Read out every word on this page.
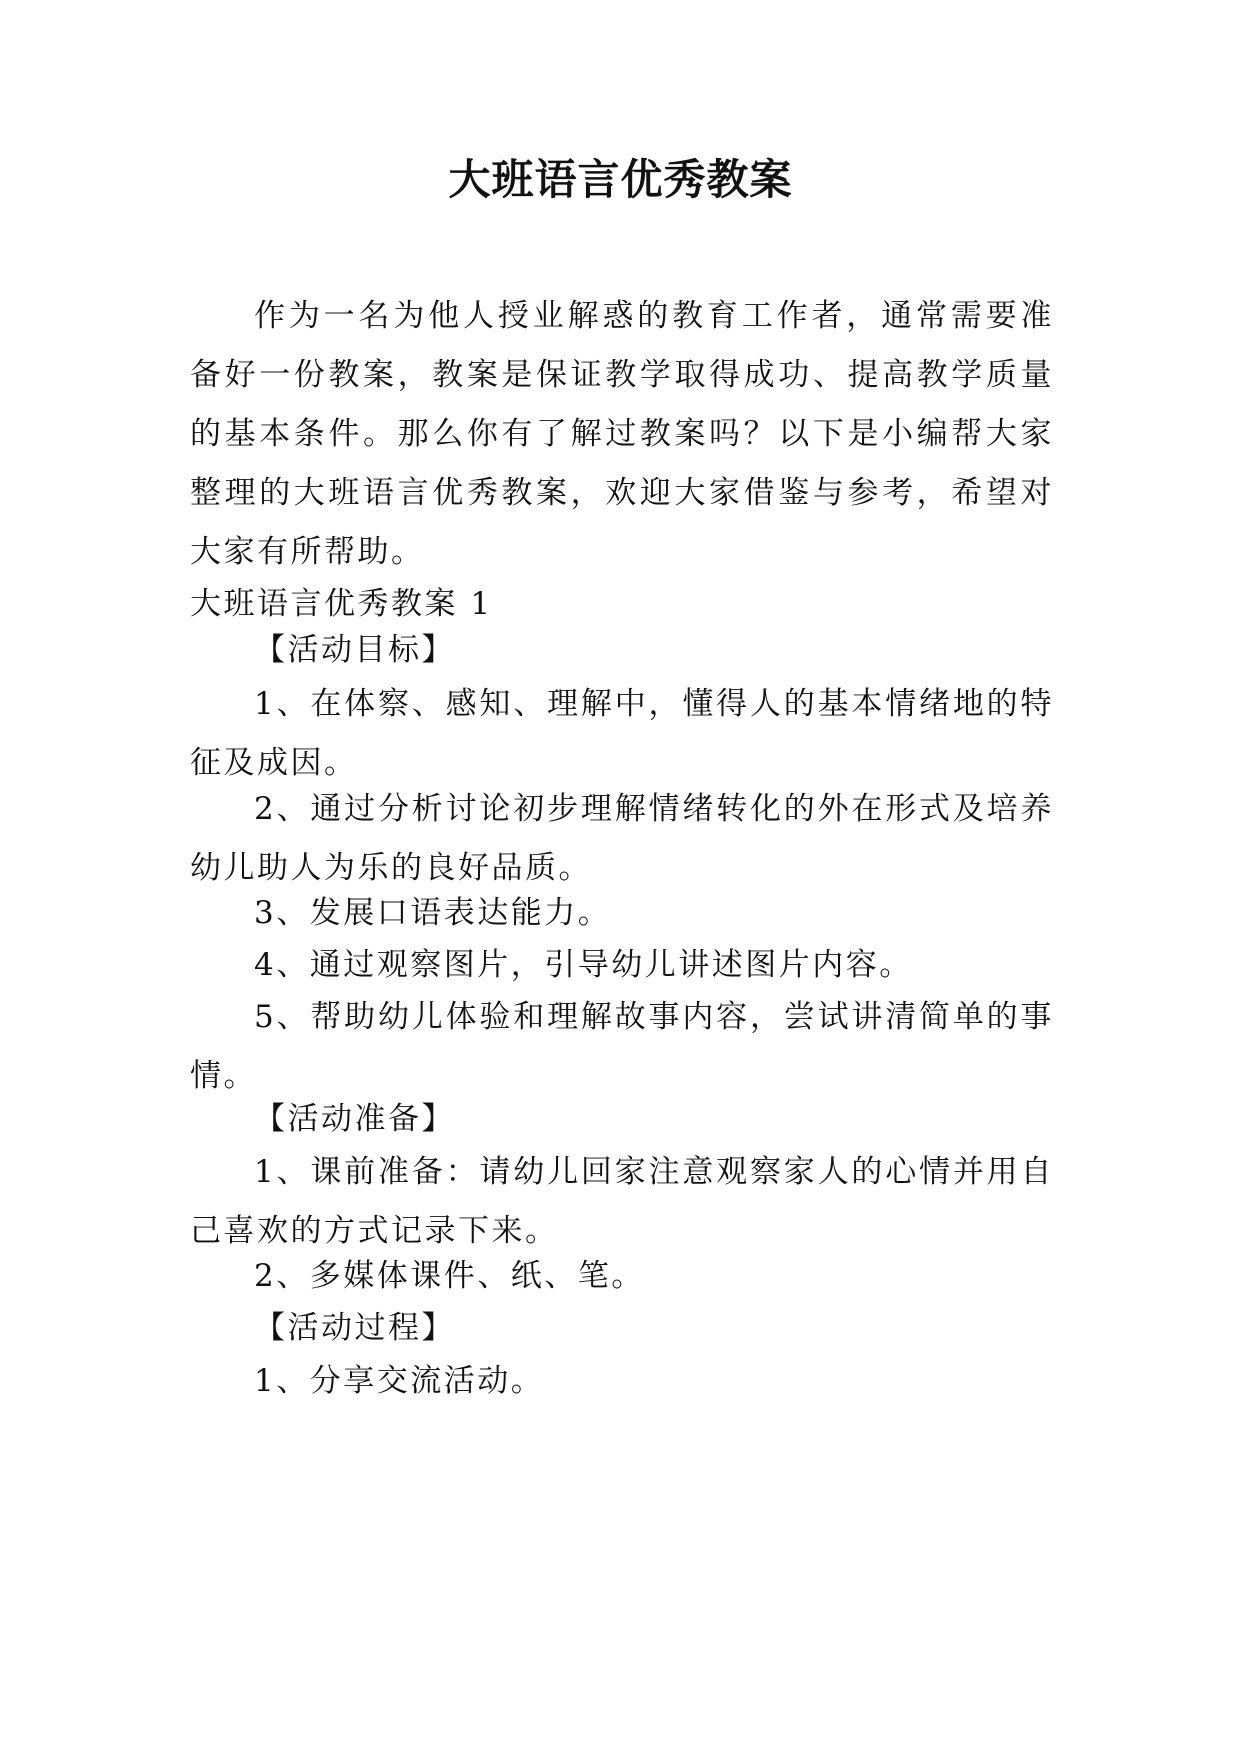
大班语言优秀教案
作为一名为他人授业解惑的教育工作者，通常需要准备好一份教案，教案是保证教学取得成功、提高教学质量的基本条件。那么你有了解过教案吗？以下是小编帮大家整理的大班语言优秀教案，欢迎大家借鉴与参考，希望对大家有所帮助。
大班语言优秀教案 1
【活动目标】
1、在体察、感知、理解中，懂得人的基本情绪地的特征及成因。
2、通过分析讨论初步理解情绪转化的外在形式及培养幼儿助人为乐的良好品质。
3、发展口语表达能力。
4、通过观察图片，引导幼儿讲述图片内容。
5、帮助幼儿体验和理解故事内容，尝试讲清简单的事情。
【活动准备】
1、课前准备：请幼儿回家注意观察家人的心情并用自己喜欢的方式记录下来。
2、多媒体课件、纸、笔。
【活动过程】
1、分享交流活动。
